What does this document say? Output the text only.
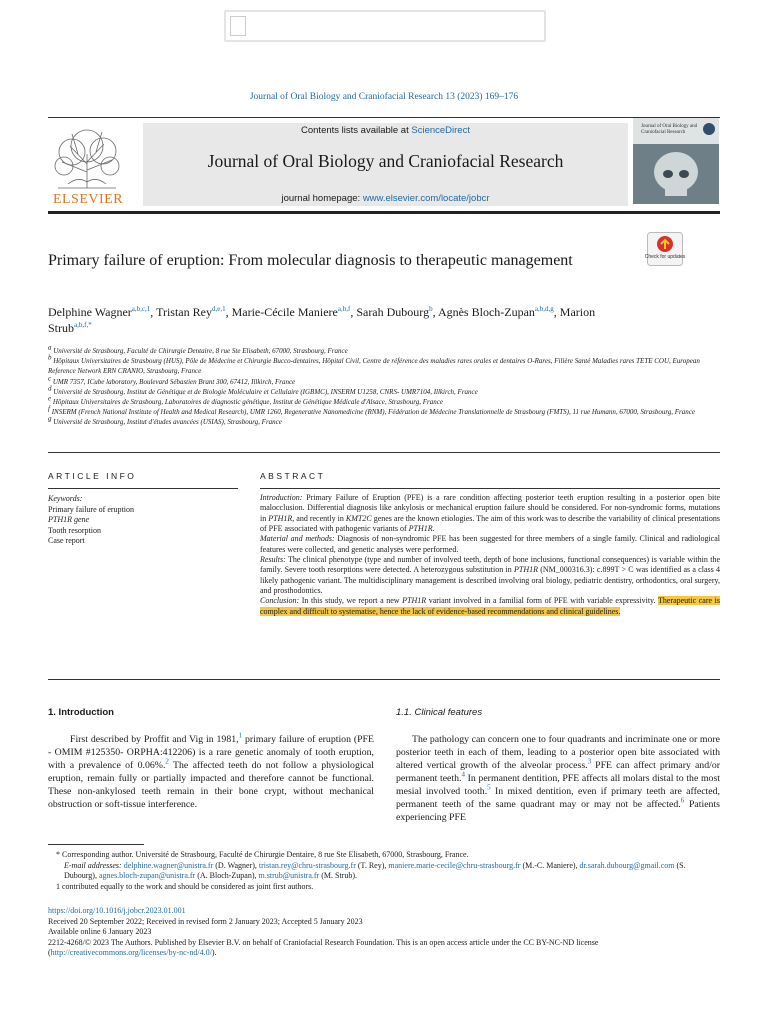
Journal of Oral Biology and Craniofacial Research 13 (2023) 169–176
Contents lists available at ScienceDirect
Journal of Oral Biology and Craniofacial Research
journal homepage: www.elsevier.com/locate/jobcr
ELSEVIER
Journal of Oral Biology and Craniofacial Research
Check for updates
Primary failure of eruption: From molecular diagnosis to therapeutic management
Delphine Wagner$^{a,b,c,1}$, Tristan Rey$^{d,e,1}$, Marie-Cécile Maniere$^{a,b,f}$, Sarah Dubourg$^b$, Agnès Bloch-Zupan$^{a,b,d,g}$, Marion Strub$^{a,b,f,*}$
$^a$ Université de Strasbourg, Faculté de Chirurgie Dentaire, 8 rue Ste Elisabeth, 67000, Strasbourg, France
$^b$ Hôpitaux Universitaires de Strasbourg (HUS), Pôle de Médecine et Chirurgie Bucco-dentaires, Hôpital Civil, Centre de référence des maladies rares orales et dentaires O-Rares, Filière Santé Maladies rares TETE COU, European Reference Network ERN CRANIO, Strasbourg, France
$^c$ UMR 7357, ICube laboratory, Boulevard Sébastien Brant 300, 67412, Illkirch, France
$^d$ Université de Strasbourg, Institut de Génétique et de Biologie Moléculaire et Cellulaire (IGBMC), INSERM U1258, CNRS- UMR7104, Illkirch, France
$^e$ Hôpitaux Universitaires de Strasbourg, Laboratoires de diagnostic génétique, Institut de Génétique Médicale d'Alsace, Strasbourg, France
$^f$ INSERM (French National Institute of Health and Medical Research), UMR 1260, Regenerative Nanomedicine (RNM), Fédération de Médecine Translationnelle de Strasbourg (FMTS), 11 rue Humann, 67000, Strasbourg, France
$^g$ Université de Strasbourg, Institut d'études avancées (USIAS), Strasbourg, France
ARTICLE INFO	ABSTRACT
Keywords:
Primary failure of eruption
PTH1R gene
Tooth resorption
Case report
Introduction: Primary Failure of Eruption (PFE) is a rare condition affecting posterior teeth eruption resulting in a posterior open bite malocclusion. Differential diagnosis like ankylosis or mechanical eruption failure should be considered. For non-syndromic forms, mutations in PTH1R, and recently in KMT2C genes are the known etiologies. The aim of this work was to describe the variability of clinical presentations of PFE associated with pathogenic variants of PTH1R.
Material and methods: Diagnosis of non-syndromic PFE has been suggested for three members of a single family. Clinical and radiological features were collected, and genetic analyses were performed.
Results: The clinical phenotype (type and number of involved teeth, depth of bone inclusions, functional consequences) is variable within the family. Severe tooth resorptions were detected. A heterozygous substitution in PTH1R (NM_000316.3): c.899T > C was identified as a class 4 likely pathogenic variant. The multidisciplinary management is described involving oral biology, pediatric dentistry, orthodontics, oral surgery, and prosthodontics.
Conclusion: In this study, we report a new PTH1R variant involved in a familial form of PFE with variable expressivity. Therapeutic care is complex and difficult to systematise, hence the lack of evidence-based recommendations and clinical guidelines.
1. Introduction
First described by Proffit and Vig in 1981,$^1$ primary failure of eruption (PFE - OMIM #125350- ORPHA:412206) is a rare genetic anomaly of tooth eruption, with a prevalence of 0.06%.$^2$ The affected teeth do not follow a physiological eruption, remain fully or partially impacted and therefore cannot be functional. These non-ankylosed teeth remain in their bone crypt, without mechanical obstruction or soft-tissue interference.
1.1. Clinical features
The pathology can concern one to four quadrants and incriminate one or more posterior teeth in each of them, leading to a posterior open bite associated with altered vertical growth of the alveolar process.$^3$ PFE can affect primary and/or permanent teeth.$^4$ In permanent dentition, PFE affects all molars distal to the most mesial involved tooth.$^5$ In mixed dentition, even if primary teeth are affected, permanent teeth of the same quadrant may or may not be affected.$^6$ Patients experiencing PFE
* Corresponding author. Université de Strasbourg, Faculté de Chirurgie Dentaire, 8 rue Ste Elisabeth, 67000, Strasbourg, France.
E-mail addresses: delphine.wagner@unistra.fr (D. Wagner), tristan.rey@chru-strasbourg.fr (T. Rey), maniere.marie-cecile@chru-strasbourg.fr (M.-C. Maniere), dr.sarah.dubourg@gmail.com (S. Dubourg), agnes.bloch-zupan@unistra.fr (A. Bloch-Zupan), m.strub@unistra.fr (M. Strub).
1 contributed equally to the work and should be considered as joint first authors.
https://doi.org/10.1016/j.jobcr.2023.01.001
Received 20 September 2022; Received in revised form 2 January 2023; Accepted 5 January 2023
Available online 6 January 2023
2212-4268/© 2023 The Authors. Published by Elsevier B.V. on behalf of Craniofacial Research Foundation. This is an open access article under the CC BY-NC-ND license (http://creativecommons.org/licenses/by-nc-nd/4.0/).
